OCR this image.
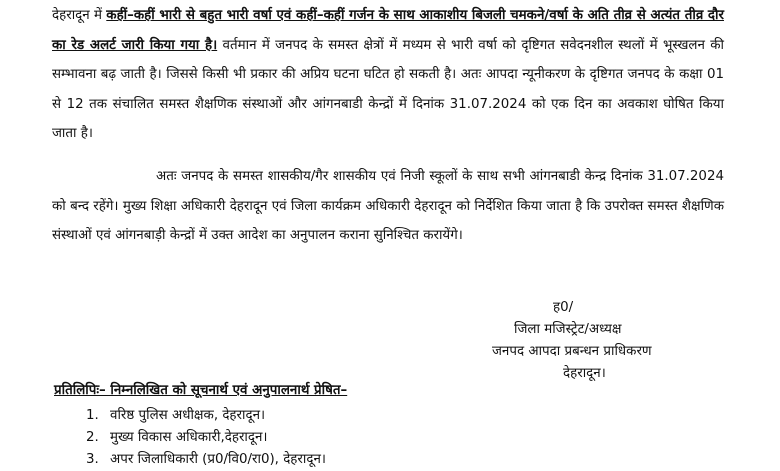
देहरादून में कहीं–कहीं भारी से बहुत भारी वर्षा एवं कहीं–कहीं गर्जन के साथ आकाशीय बिजली चमकने/वर्षा के अति तीव्र से अत्यंत तीव्र दौर का रेड अलर्ट जारी किया गया है। वर्तमान में जनपद के समस्त क्षेत्रों में मध्यम से भारी वर्षा को दृष्टिगत सवेदनशील स्थलों में भूस्खलन की सम्भावना बढ़ जाती है। जिससे किसी भी प्रकार की अप्रिय घटना घटित हो सकती है। अतः आपदा न्यूनीकरण के दृष्टिगत जनपद के कक्षा 01 से 12 तक संचालित समस्त शैक्षणिक संस्थाओं और आंगनबाडी केन्द्रों में दिनांक 31.07.2024 को एक दिन का अवकाश घोषित किया जाता है।

अतः जनपद के समस्त शासकीय/गैर शासकीय एवं निजी स्कूलों के साथ सभी आंगनबाडी केन्द्र दिनांक 31.07.2024 को बन्द रहेंगे। मुख्य शिक्षा अधिकारी देहरादून एवं जिला कार्यक्रम अधिकारी देहरादून को निर्देशित किया जाता है कि उपरोक्त समस्त शैक्षणिक संस्थाओं एवं आंगनबाड़ी केन्द्रों में उक्त आदेश का अनुपालन कराना सुनिश्चित करायेंगे।

ह0/
जिला मजिस्ट्रेट/अध्यक्ष
जनपद आपदा प्रबन्धन प्राधिकरण
देहरादून।
प्रतिलिपिः– निम्नलिखित को सूचनार्थ एवं अनुपालनार्थ प्रेषित–
1. वरिष्ठ पुलिस अधीक्षक, देहरादून।
2. मुख्य विकास अधिकारी,देहरादून।
3. अपर जिलाधिकारी (प्र0/वि0/रा0), देहरादून।
